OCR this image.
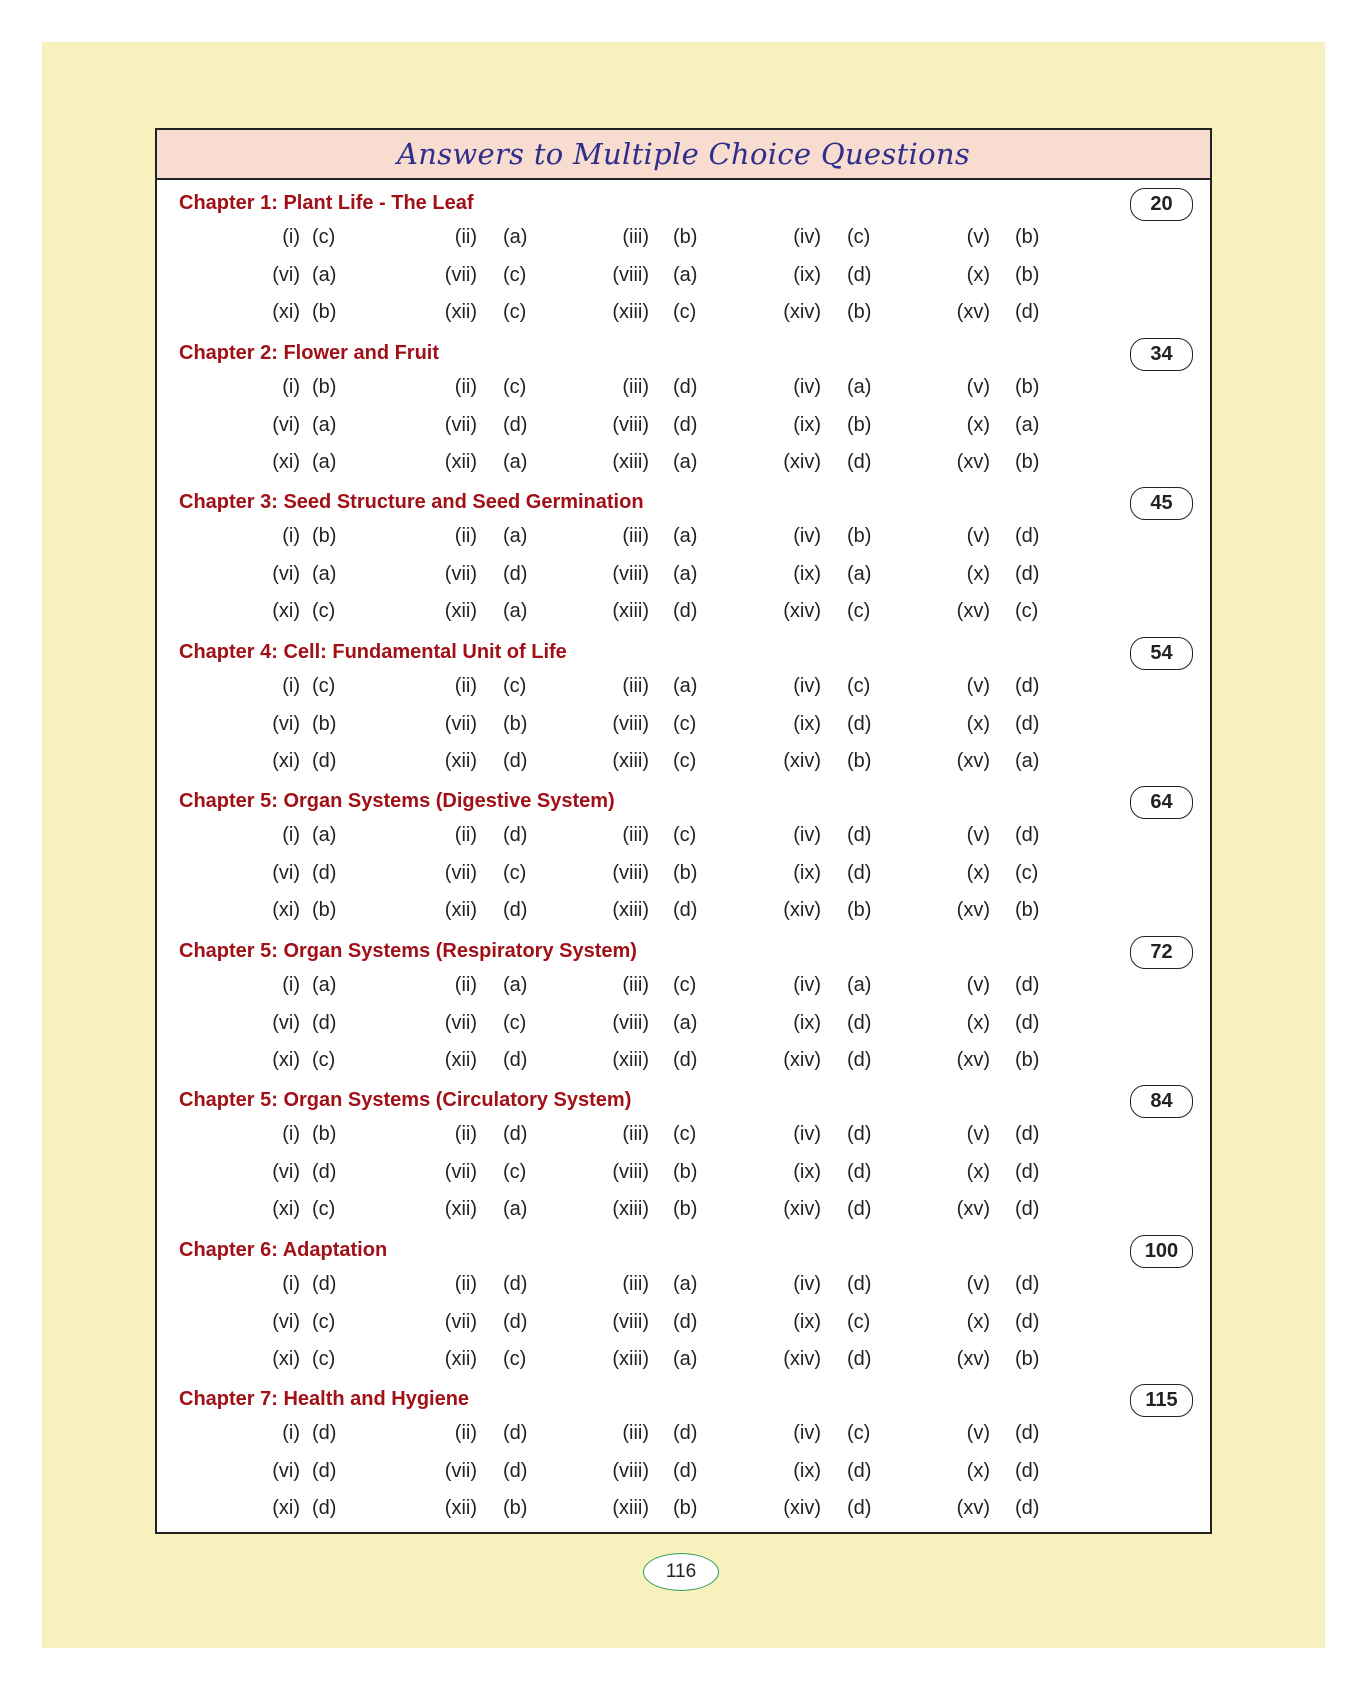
Answers to Multiple Choice Questions
Chapter 1: Plant Life - The Leaf	20
(i) (c)	(ii) (a)	(iii) (b)	(iv) (c)	(v) (b)
(vi) (a)	(vii) (c)	(viii) (a)	(ix) (d)	(x) (b)
(xi) (b)	(xii) (c)	(xiii) (c)	(xiv) (b)	(xv) (d)
Chapter 2: Flower and Fruit	34
(i) (b)	(ii) (c)	(iii) (d)	(iv) (a)	(v) (b)
(vi) (a)	(vii) (d)	(viii) (d)	(ix) (b)	(x) (a)
(xi) (a)	(xii) (a)	(xiii) (a)	(xiv) (d)	(xv) (b)
Chapter 3: Seed Structure and Seed Germination	45
(i) (b)	(ii) (a)	(iii) (a)	(iv) (b)	(v) (d)
(vi) (a)	(vii) (d)	(viii) (a)	(ix) (a)	(x) (d)
(xi) (c)	(xii) (a)	(xiii) (d)	(xiv) (c)	(xv) (c)
Chapter 4: Cell: Fundamental Unit of Life	54
(i) (c)	(ii) (c)	(iii) (a)	(iv) (c)	(v) (d)
(vi) (b)	(vii) (b)	(viii) (c)	(ix) (d)	(x) (d)
(xi) (d)	(xii) (d)	(xiii) (c)	(xiv) (b)	(xv) (a)
Chapter 5: Organ Systems (Digestive System)	64
(i) (a)	(ii) (d)	(iii) (c)	(iv) (d)	(v) (d)
(vi) (d)	(vii) (c)	(viii) (b)	(ix) (d)	(x) (c)
(xi) (b)	(xii) (d)	(xiii) (d)	(xiv) (b)	(xv) (b)
Chapter 5: Organ Systems (Respiratory System)	72
(i) (a)	(ii) (a)	(iii) (c)	(iv) (a)	(v) (d)
(vi) (d)	(vii) (c)	(viii) (a)	(ix) (d)	(x) (d)
(xi) (c)	(xii) (d)	(xiii) (d)	(xiv) (d)	(xv) (b)
Chapter 5: Organ Systems (Circulatory System)	84
(i) (b)	(ii) (d)	(iii) (c)	(iv) (d)	(v) (d)
(vi) (d)	(vii) (c)	(viii) (b)	(ix) (d)	(x) (d)
(xi) (c)	(xii) (a)	(xiii) (b)	(xiv) (d)	(xv) (d)
Chapter 6: Adaptation	100
(i) (d)	(ii) (d)	(iii) (a)	(iv) (d)	(v) (d)
(vi) (c)	(vii) (d)	(viii) (d)	(ix) (c)	(x) (d)
(xi) (c)	(xii) (c)	(xiii) (a)	(xiv) (d)	(xv) (b)
Chapter 7: Health and Hygiene	115
(i) (d)	(ii) (d)	(iii) (d)	(iv) (c)	(v) (d)
(vi) (d)	(vii) (d)	(viii) (d)	(ix) (d)	(x) (d)
(xi) (d)	(xii) (b)	(xiii) (b)	(xiv) (d)	(xv) (d)
116
